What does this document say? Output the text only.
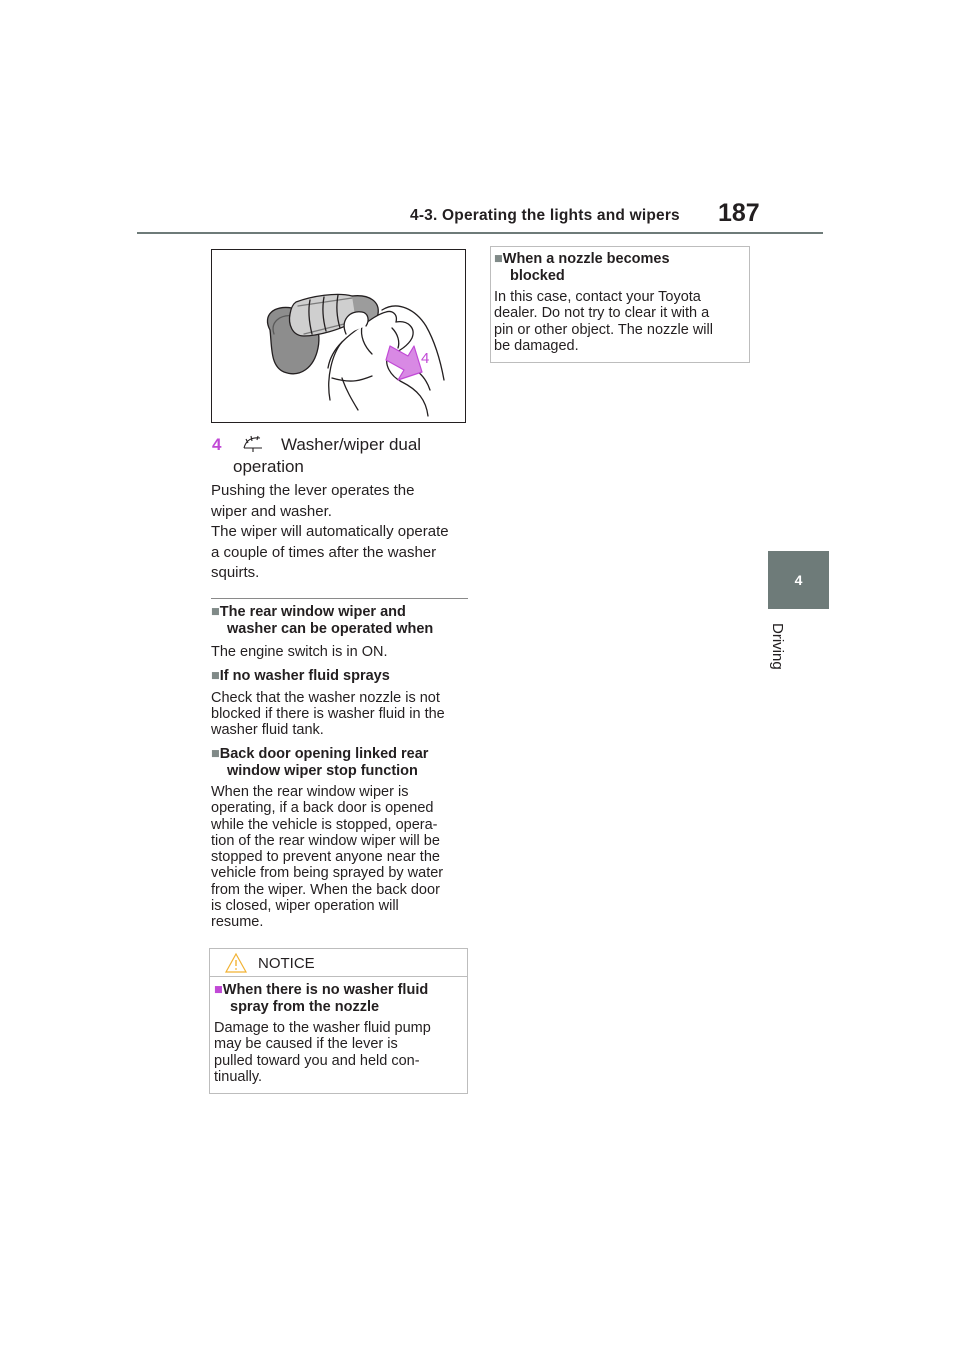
4-3. Operating the lights and wipers 187
4
Driving
4
4	Washer/wiper dual
operation
Pushing the lever operates the
wiper and washer.
The wiper will automatically operate
a couple of times after the washer
squirts.
■The rear window wiper and
washer can be operated when
The engine switch is in ON.
■If no washer fluid sprays
Check that the washer nozzle is not
blocked if there is washer fluid in the
washer fluid tank.
■Back door opening linked rear
window wiper stop function
When the rear window wiper is
operating, if a back door is opened
while the vehicle is stopped, opera-
tion of the rear window wiper will be
stopped to prevent anyone near the
vehicle from being sprayed by water
from the wiper. When the back door
is closed, wiper operation will
resume.
NOTICE
■When there is no washer fluid
spray from the nozzle
Damage to the washer fluid pump
may be caused if the lever is
pulled toward you and held con-
tinually.
■When a nozzle becomes
blocked
In this case, contact your Toyota
dealer. Do not try to clear it with a
pin or other object. The nozzle will
be damaged.
